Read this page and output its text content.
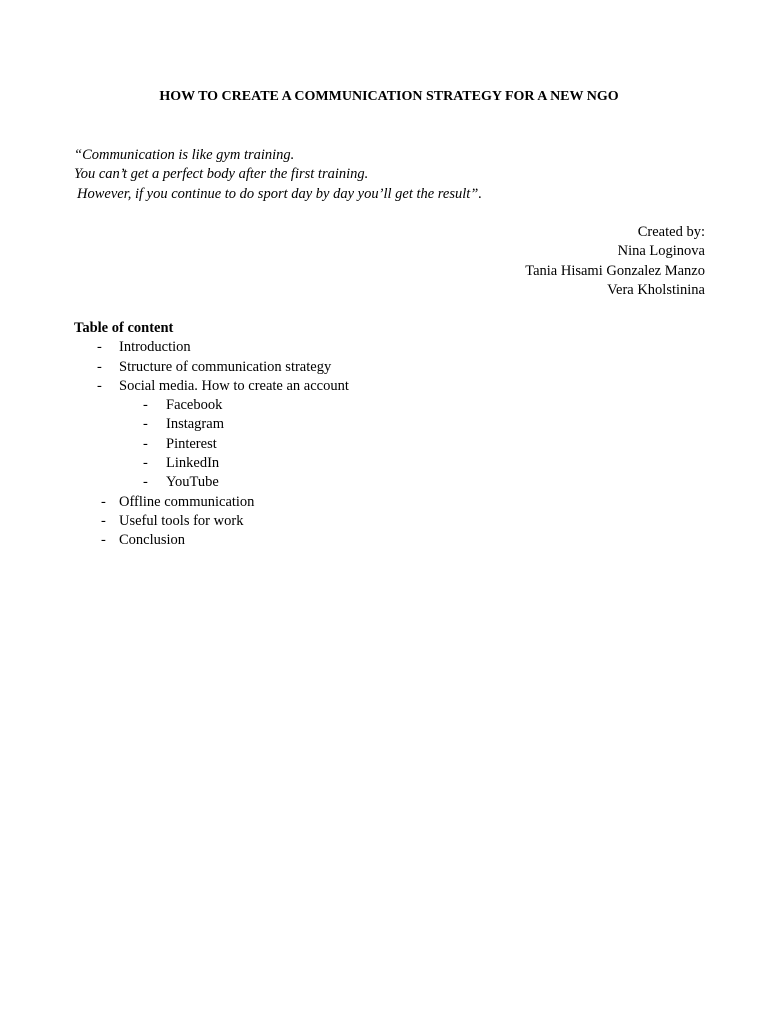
HOW TO CREATE A COMMUNICATION STRATEGY FOR A NEW NGO
“Communication is like gym training.
You can’t get a perfect body after the first training.
However, if you continue to do sport day by day you’ll get the result”.
Created by:
Nina Loginova
Tania Hisami Gonzalez Manzo
Vera Kholstinina
Table of content
- Introduction
- Structure of communication strategy
- Social media. How to create an account
- Facebook
- Instagram
- Pinterest
- LinkedIn
- YouTube
- Offline communication
- Useful tools for work
- Conclusion
